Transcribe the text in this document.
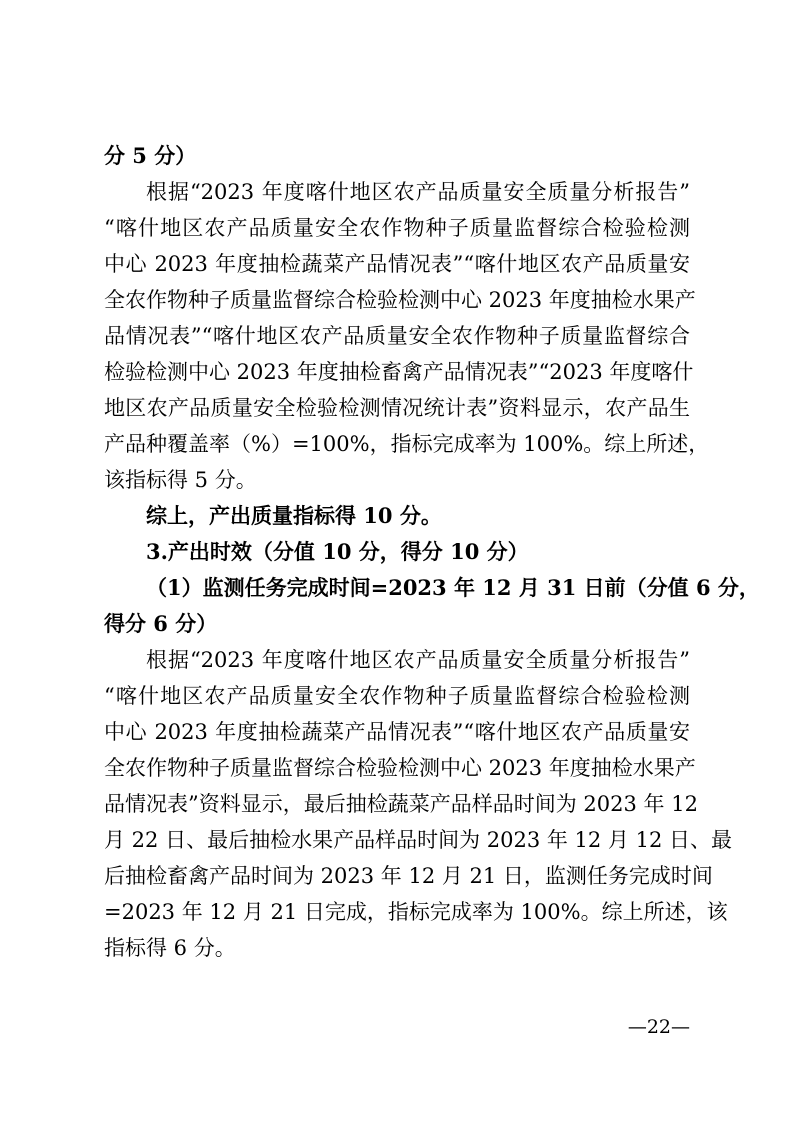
分 5 分）
根据“2023 年度喀什地区农产品质量安全质量分析报告”
“喀什地区农产品质量安全农作物种子质量监督综合检验检测
中心 2023 年度抽检蔬菜产品情况表”“喀什地区农产品质量安
全农作物种子质量监督综合检验检测中心 2023 年度抽检水果产
品情况表”“喀什地区农产品质量安全农作物种子质量监督综合
检验检测中心 2023 年度抽检畜禽产品情况表”“2023 年度喀什
地区农产品质量安全检验检测情况统计表”资料显示，农产品生
产品种覆盖率（%）=100%，指标完成率为 100%。综上所述，
该指标得 5 分。
综上，产出质量指标得 10 分。
3.产出时效（分值 10 分，得分 10 分）
（1）监测任务完成时间=2023 年 12 月 31 日前（分值 6 分，
得分 6 分）
根据“2023 年度喀什地区农产品质量安全质量分析报告”
“喀什地区农产品质量安全农作物种子质量监督综合检验检测
中心 2023 年度抽检蔬菜产品情况表”“喀什地区农产品质量安
全农作物种子质量监督综合检验检测中心 2023 年度抽检水果产
品情况表”资料显示，最后抽检蔬菜产品样品时间为 2023 年 12
月 22 日、最后抽检水果产品样品时间为 2023 年 12 月 12 日、最
后抽检畜禽产品时间为 2023 年 12 月 21 日，监测任务完成时间
=2023 年 12 月 21 日完成，指标完成率为 100%。综上所述，该
指标得 6 分。
—22—
